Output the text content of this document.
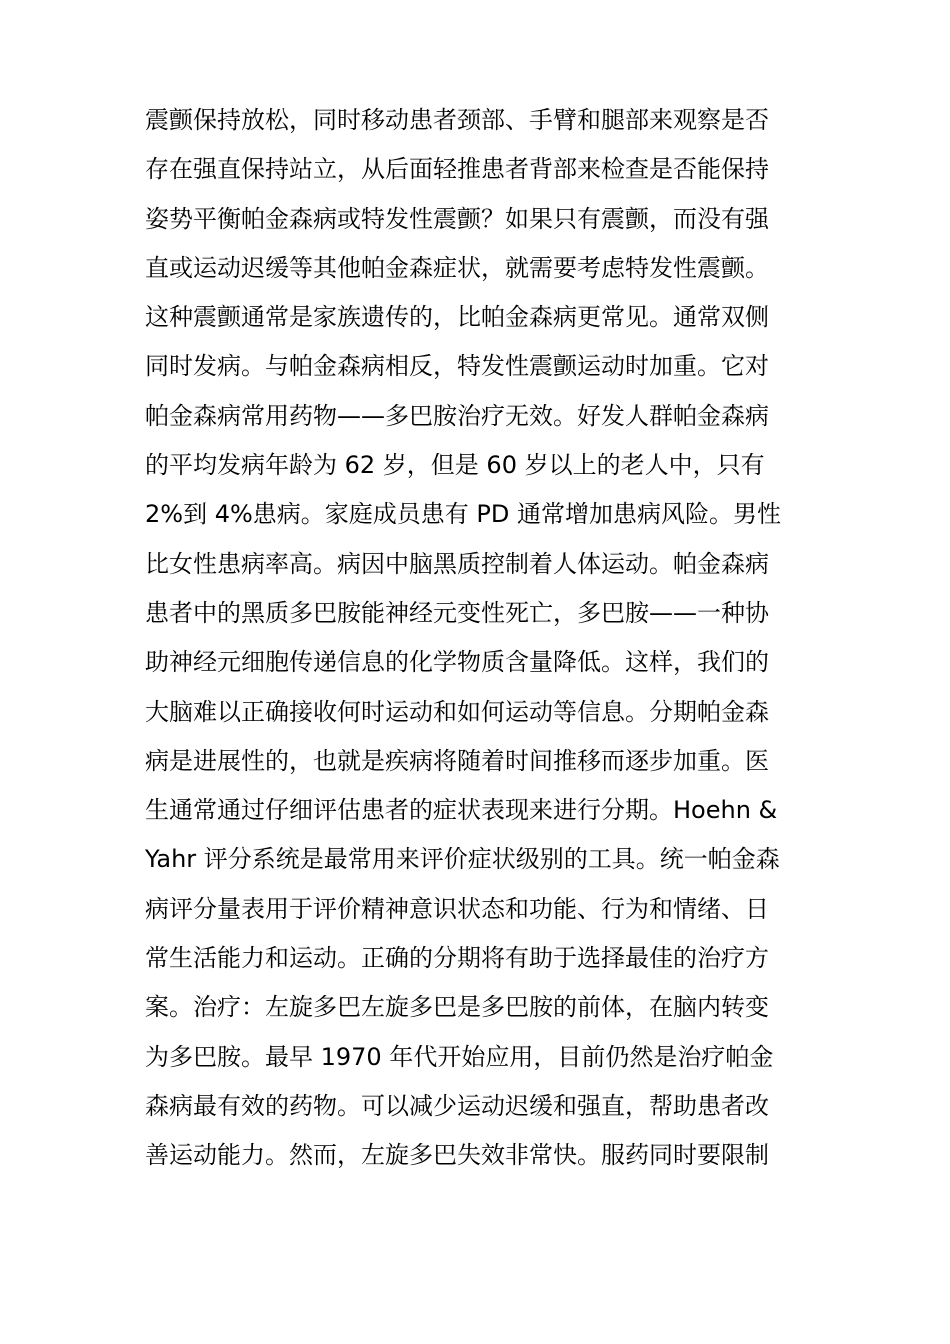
震颤保持放松，同时移动患者颈部、手臂和腿部来观察是否
存在强直保持站立，从后面轻推患者背部来检查是否能保持
姿势平衡帕金森病或特发性震颤？如果只有震颤，而没有强
直或运动迟缓等其他帕金森症状，就需要考虑特发性震颤。
这种震颤通常是家族遗传的，比帕金森病更常见。通常双侧
同时发病。与帕金森病相反，特发性震颤运动时加重。它对
帕金森病常用药物——多巴胺治疗无效。好发人群帕金森病
的平均发病年龄为 62 岁，但是 60 岁以上的老人中，只有
2%到 4%患病。家庭成员患有 PD 通常增加患病风险。男性
比女性患病率高。病因中脑黑质控制着人体运动。帕金森病
患者中的黑质多巴胺能神经元变性死亡，多巴胺——一种协
助神经元细胞传递信息的化学物质含量降低。这样，我们的
大脑难以正确接收何时运动和如何运动等信息。分期帕金森
病是进展性的，也就是疾病将随着时间推移而逐步加重。医
生通常通过仔细评估患者的症状表现来进行分期。Hoehn &
Yahr 评分系统是最常用来评价症状级别的工具。统一帕金森
病评分量表用于评价精神意识状态和功能、行为和情绪、日
常生活能力和运动。正确的分期将有助于选择最佳的治疗方
案。治疗：左旋多巴左旋多巴是多巴胺的前体，在脑内转变
为多巴胺。最早 1970 年代开始应用，目前仍然是治疗帕金
森病最有效的药物。可以减少运动迟缓和强直，帮助患者改
善运动能力。然而，左旋多巴失效非常快。服药同时要限制
